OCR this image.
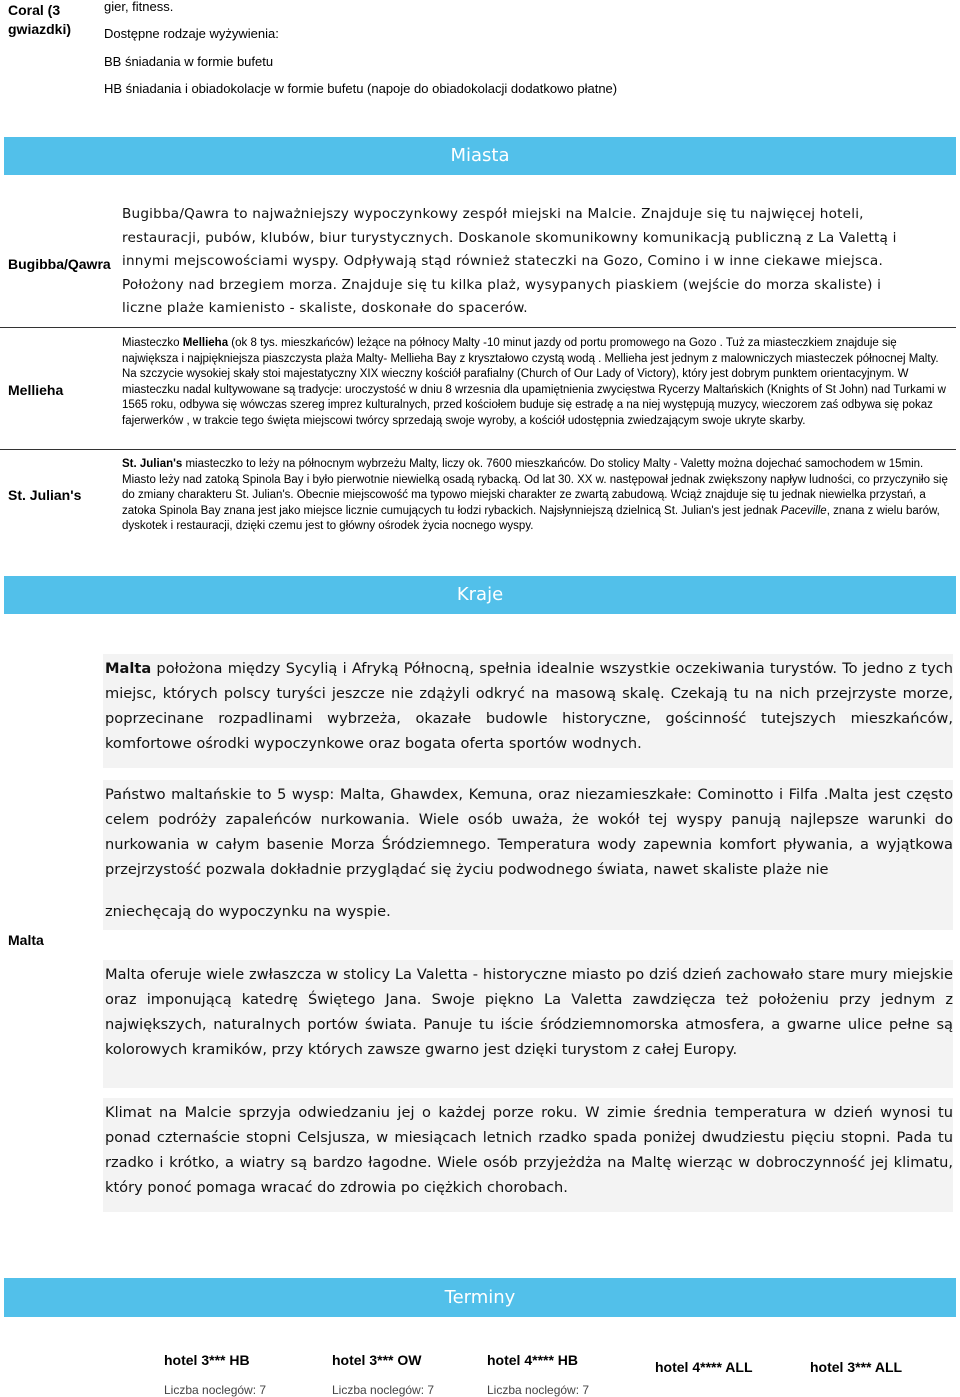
Coral (3 gwiazdki)
gier, fitness.
Dostępne rodzaje wyżywienia:
BB śniadania w formie bufetu
HB śniadania i obiadokolacje w formie bufetu (napoje do obiadokolacji dodatkowo płatne)
Miasta
Bugibba/Qawra
Bugibba/Qawra to najważniejszy wypoczynkowy zespół miejski na Malcie. Znajduje się tu najwięcej hoteli,
restauracji, pubów, klubów, biur turystycznych. Doskanole skomunikowny komunikacją publiczną z La Valettą i
innymi mejscowościami wyspy. Odpływają stąd również stateczki na Gozo, Comino i w inne ciekawe miejsca.
Położony nad brzegiem morza. Znajduje się tu kilka plaż, wysypanych piaskiem (wejście do morza skaliste) i
liczne plaże kamienisto - skaliste, doskonałe do spacerów.
Mellieha
Miasteczko Mellieha (ok 8 tys. mieszkańców) leżące na północy Malty -10 minut jazdy od portu promowego na Gozo . Tuż za miasteczkiem znajduje się największa i najpiękniejsza piaszczysta plaża Malty- Mellieha Bay z kryształowo czystą wodą . Mellieha jest jednym z malowniczych miasteczek północnej Malty. Na szczycie wysokiej skały stoi majestatyczny XIX wieczny kościół parafialny (Church of Our Lady of Victory), który jest dobrym punktem orientacyjnym. W miasteczku nadal kultywowane są tradycje: uroczystość w dniu 8 wrzesnia dla upamiętnienia zwycięstwa Rycerzy Maltańskich (Knights of St John) nad Turkami w 1565 roku, odbywa się wówczas szereg imprez kulturalnych, przed kościołem buduje się estradę a na niej występują muzycy, wieczorem zaś odbywa się pokaz fajerwerków , w trakcie tego święta miejscowi twórcy sprzedają swoje wyroby, a kościół udostępnia zwiedzającym swoje ukryte skarby.
St. Julian's
St. Julian's miasteczko to leży na północnym wybrzeżu Malty, liczy ok. 7600 mieszkańców. Do stolicy Malty - Valetty można dojechać samochodem w 15min. Miasto leży nad zatoką Spinola Bay i było pierwotnie niewielką osadą rybacką. Od lat 30. XX w. następował jednak zwiększony napływ ludności, co przyczyniło się do zmiany charakteru St. Julian's. Obecnie miejscowość ma typowo miejski charakter ze zwartą zabudową. Wciąż znajduje się tu jednak niewielka przystań, a zatoka Spinola Bay znana jest jako miejsce licznie cumujących tu łodzi rybackich. Najsłynniejszą dzielnicą St. Julian's jest jednak Paceville, znana z wielu barów, dyskotek i restauracji, dzięki czemu jest to główny ośrodek życia nocnego wyspy.
Kraje
Malta
Malta położona między Sycylią i Afryką Północną, spełnia idealnie wszystkie oczekiwania turystów. To jedno z tych miejsc, których polscy turyści jeszcze nie zdążyli odkryć na masową skalę. Czekają tu na nich przejrzyste morze, poprzecinane rozpadlinami wybrzeża, okazałe budowle historyczne, gościnność tutejszych mieszkańców, komfortowe ośrodki wypoczynkowe oraz bogata oferta sportów wodnych.
Państwo maltańskie to 5 wysp: Malta, Ghawdex, Kemuna, oraz niezamieszkałe: Cominotto i Filfa .Malta jest często celem podróży zapaleńców nurkowania. Wiele osób uważa, że wokół tej wyspy panują najlepsze warunki do nurkowania w całym basenie Morza Śródziemnego. Temperatura wody zapewnia komfort pływania, a wyjątkowa przejrzystość pozwala dokładnie przyglądać się życiu podwodnego świata, nawet skaliste plaże nie
zniechęcają do wypoczynku na wyspie.
Malta oferuje wiele zwłaszcza w stolicy La Valetta - historyczne miasto po dziś dzień zachowało stare mury miejskie oraz imponującą katedrę Świętego Jana. Swoje piękno La Valetta zawdzięcza też położeniu przy jednym z największych, naturalnych portów świata. Panuje tu iście śródziemnomorska atmosfera, a gwarne ulice pełne są kolorowych kramików, przy których zawsze gwarno jest dzięki turystom z całej Europy.
Klimat na Malcie sprzyja odwiedzaniu jej o każdej porze roku. W zimie średnia temperatura w dzień wynosi tu ponad czternaście stopni Celsjusza, w miesiącach letnich rzadko spada poniżej dwudziestu pięciu stopni. Pada tu rzadko i krótko, a wiatry są bardzo łagodne. Wiele osób przyjeżdża na Maltę wierząc w dobroczynność jej klimatu, który ponoć pomaga wracać do zdrowia po ciężkich chorobach.
Terminy
hotel 3*** HB
Liczba noclegów: 7
hotel 3*** OW
Liczba noclegów: 7
hotel 4**** HB
Liczba noclegów: 7
hotel 4**** ALL	hotel 3*** ALL
